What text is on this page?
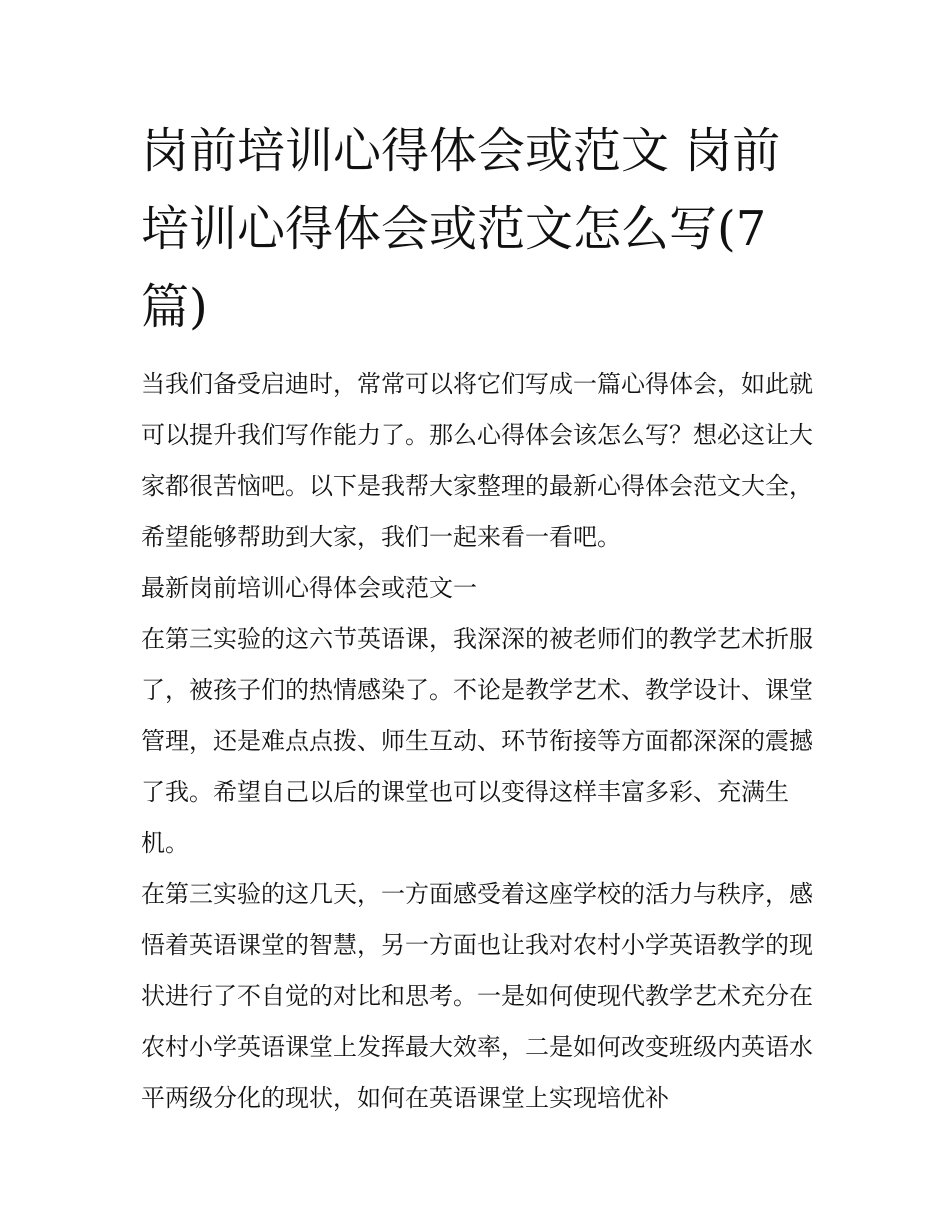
岗前培训心得体会或范文 岗前培训心得体会或范文怎么写(7篇)

当我们备受启迪时，常常可以将它们写成一篇心得体会，如此就可以提升我们写作能力了。那么心得体会该怎么写？想必这让大家都很苦恼吧。以下是我帮大家整理的最新心得体会范文大全，希望能够帮助到大家，我们一起来看一看吧。

最新岗前培训心得体会或范文一

在第三实验的这六节英语课，我深深的被老师们的教学艺术折服了，被孩子们的热情感染了。不论是教学艺术、教学设计、课堂管理，还是难点点拨、师生互动、环节衔接等方面都深深的震撼了我。希望自己以后的课堂也可以变得这样丰富多彩、充满生机。

在第三实验的这几天，一方面感受着这座学校的活力与秩序，感悟着英语课堂的智慧，另一方面也让我对农村小学英语教学的现状进行了不自觉的对比和思考。一是如何使现代教学艺术充分在农村小学英语课堂上发挥最大效率，二是如何改变班级内英语水平两级分化的现状，如何在英语课堂上实现培优补
